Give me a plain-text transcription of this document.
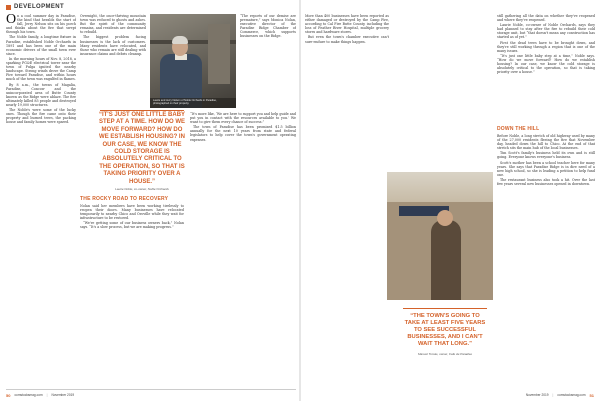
DEVELOPMENT

On a cool summer day in Paradise, the kind that heralds the start of fall, Jerry Nelson sits on his porch and thinks about the fire that swept through his town.

The Noble family, a longtime fixture in Paradise, established Noble Orchards in 1891 and has been one of the main economic drivers of the small town ever since.

In the morning hours of Nov. 8, 2018, a sparking PG&E electrical tower near the town of Pulga ignited the nearby landscape. Strong winds drove the Camp Fire toward Paradise, and within hours much of the town was engulfed in flames.

By 8 a.m., the towns of Magalia, Paradise, Concow and the unincorporated area of Butte County known as the Ridge were ablaze. The fire ultimately killed 85 people and destroyed nearly 19,000 structures.

The Noble's were some of the lucky ones. Though the fire came onto their property and burned trees, the packing house and family homes were spared.

Overnight, the once-thriving mountain town was reduced to ghosts and ashes. But the spirit of the community remains, and residents are determined to rebuild.

The biggest problem facing businesses is the lack of customers. Many residents have relocated, and those who remain are still dealing with insurance claims and debris cleanup.

Laurie and Jerry Nelson of Noble Orchards in Paradise, photographed on their property.

“The reports of our demise are premature,” says Monica Nolan, executive director of the Paradise Ridge Chamber of Commerce, which supports businesses on the Ridge.

“IT'S JUST ONE LITTLE BABY STEP AT A TIME. HOW DO WE MOVE FORWARD? HOW DO WE ESTABLISH HOUSING? IN OUR CASE, WE KNOW THE COLD STORAGE IS ABSOLUTELY CRITICAL TO THE OPERATION, SO THAT IS TAKING PRIORITY OVER A HOUSE.”
Laurie Noble, co-owner, Noble Orchards
THE ROCKY ROAD TO RECOVERY

Nolan said her members have been working tirelessly to reopen their doors. Many businesses have relocated temporarily to nearby Chico and Oroville while they wait for infrastructure to be restored.

“We're getting some of our business owners back,” Nolan says. “It's a slow process, but we are making progress.”

“It's more like, ‘We are here to support you and help guide and put you in contact with the resources available to you.’ We want to give them every chance of success.”

The town of Paradise has been promised $1.5 billion annually for the next 10 years from state and federal legislators to help cover the town's government operating expenses.

50 comstocksmag.com | November 2019

More than 400 businesses have been reported as either damaged or destroyed by the Camp Fire, according to Cal Fire Butte County, including the loss of Feather River Hospital, multiple grocery stores and hardware stores.

But even the town's chamber executive can't sure-endure to make things happen.

still gathering all the data on whether they've reopened and where they've reopened.

Laurie Noble, co-owner of Noble Orchards, says they had planned to stay after the fire to rebuild their cold storage unit, but “that doesn't mean any construction has started as of yet.”

First the dead trees have to be brought down, and they're still working through a region that is one of the many issues.

“It's just one little baby step at a time,” Noble says. “How do we move forward? How do we establish housing? In our case, we know the cold storage is absolutely critical to the operation, so that is taking priority over a house.”

DOWN THE HILL

Before Noble, a long stretch of old highway used by many of the 27,000 residents fleeing the fire that November day, headed down the hill to Chico. At the end of that stretch sits the main hub of the local businesses.

Tim Scott's family's business held its own and is still going. Everyone knows everyone's business.

Scott's mother has been a school teacher here for many years. She says that Paradise Ridge is in dire need of a new high school, so she is leading a petition to help fund one.

The restaurant business also took a hit. Over the last few years several new businesses opened in downtown.

“THE TOWN'S GOING TO TAKE AT LEAST FIVE YEARS TO SEE SUCCESSFUL BUSINESSES, AND I CAN'T WAIT THAT LONG.”
Manuel Tomás, owner, Cafe de Paradise
November 2019 | comstocksmag.com 51
